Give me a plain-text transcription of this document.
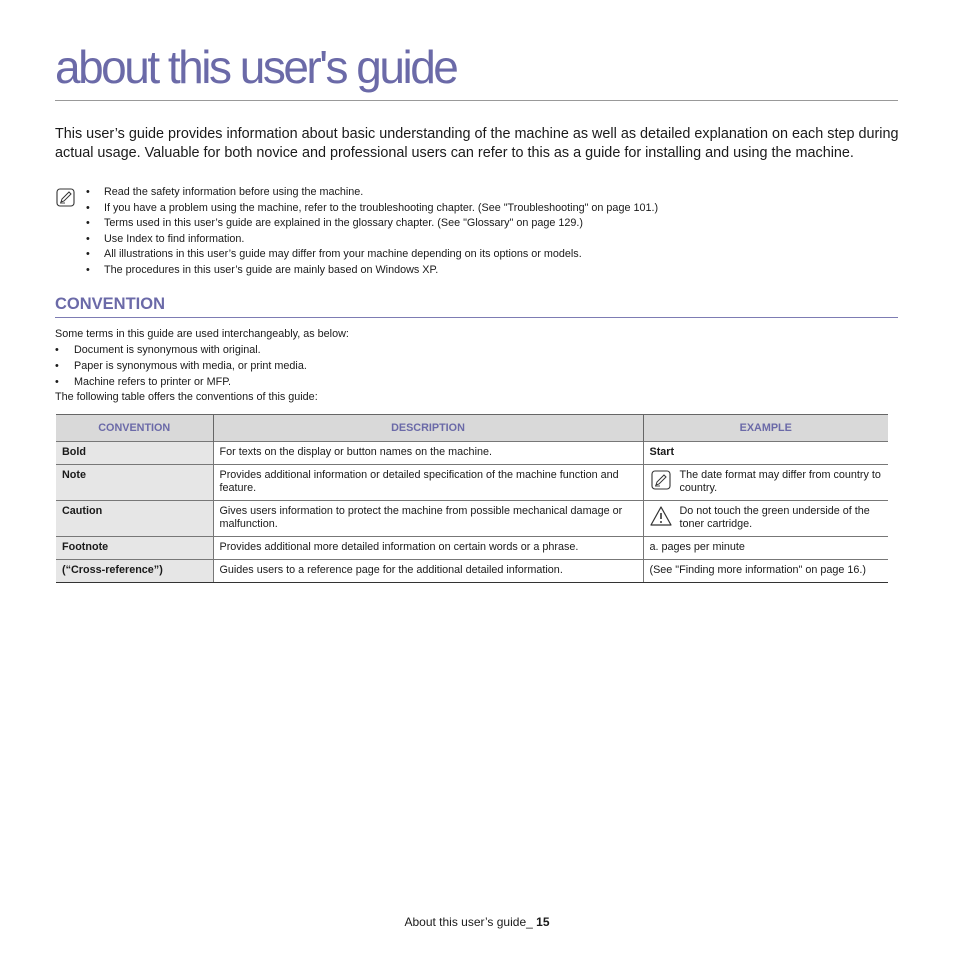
about this user's guide

This user’s guide provides information about basic understanding of the machine as well as detailed explanation on each step during actual usage. Valuable for both novice and professional users can refer to this as a guide for installing and using the machine.

• Read the safety information before using the machine.
• If you have a problem using the machine, refer to the troubleshooting chapter. (See "Troubleshooting" on page 101.)
• Terms used in this user’s guide are explained in the glossary chapter. (See "Glossary" on page 129.)
• Use Index to find information.
• All illustrations in this user’s guide may differ from your machine depending on its options or models.
• The procedures in this user’s guide are mainly based on Windows XP.
CONVENTION

Some terms in this guide are used interchangeably, as below:

• Document is synonymous with original.
• Paper is synonymous with media, or print media.
• Machine refers to printer or MFP.

The following table offers the conventions of this guide:

CONVENTION	DESCRIPTION	EXAMPLE
Bold	For texts on the display or button names on the machine.	Start
Note	Provides additional information or detailed specification of the machine function and feature.	The date format may differ from country to country.

Caution	Gives users information to protect the machine from possible mechanical damage or malfunction.	Do not touch the green underside of the toner cartridge.

Footnote	Provides additional more detailed information on certain words or a phrase.	a. pages per minute
(“Cross-reference”)	Guides users to a reference page for the additional detailed information.	(See "Finding more information" on page 16.)
About this user’s guide_ 15
